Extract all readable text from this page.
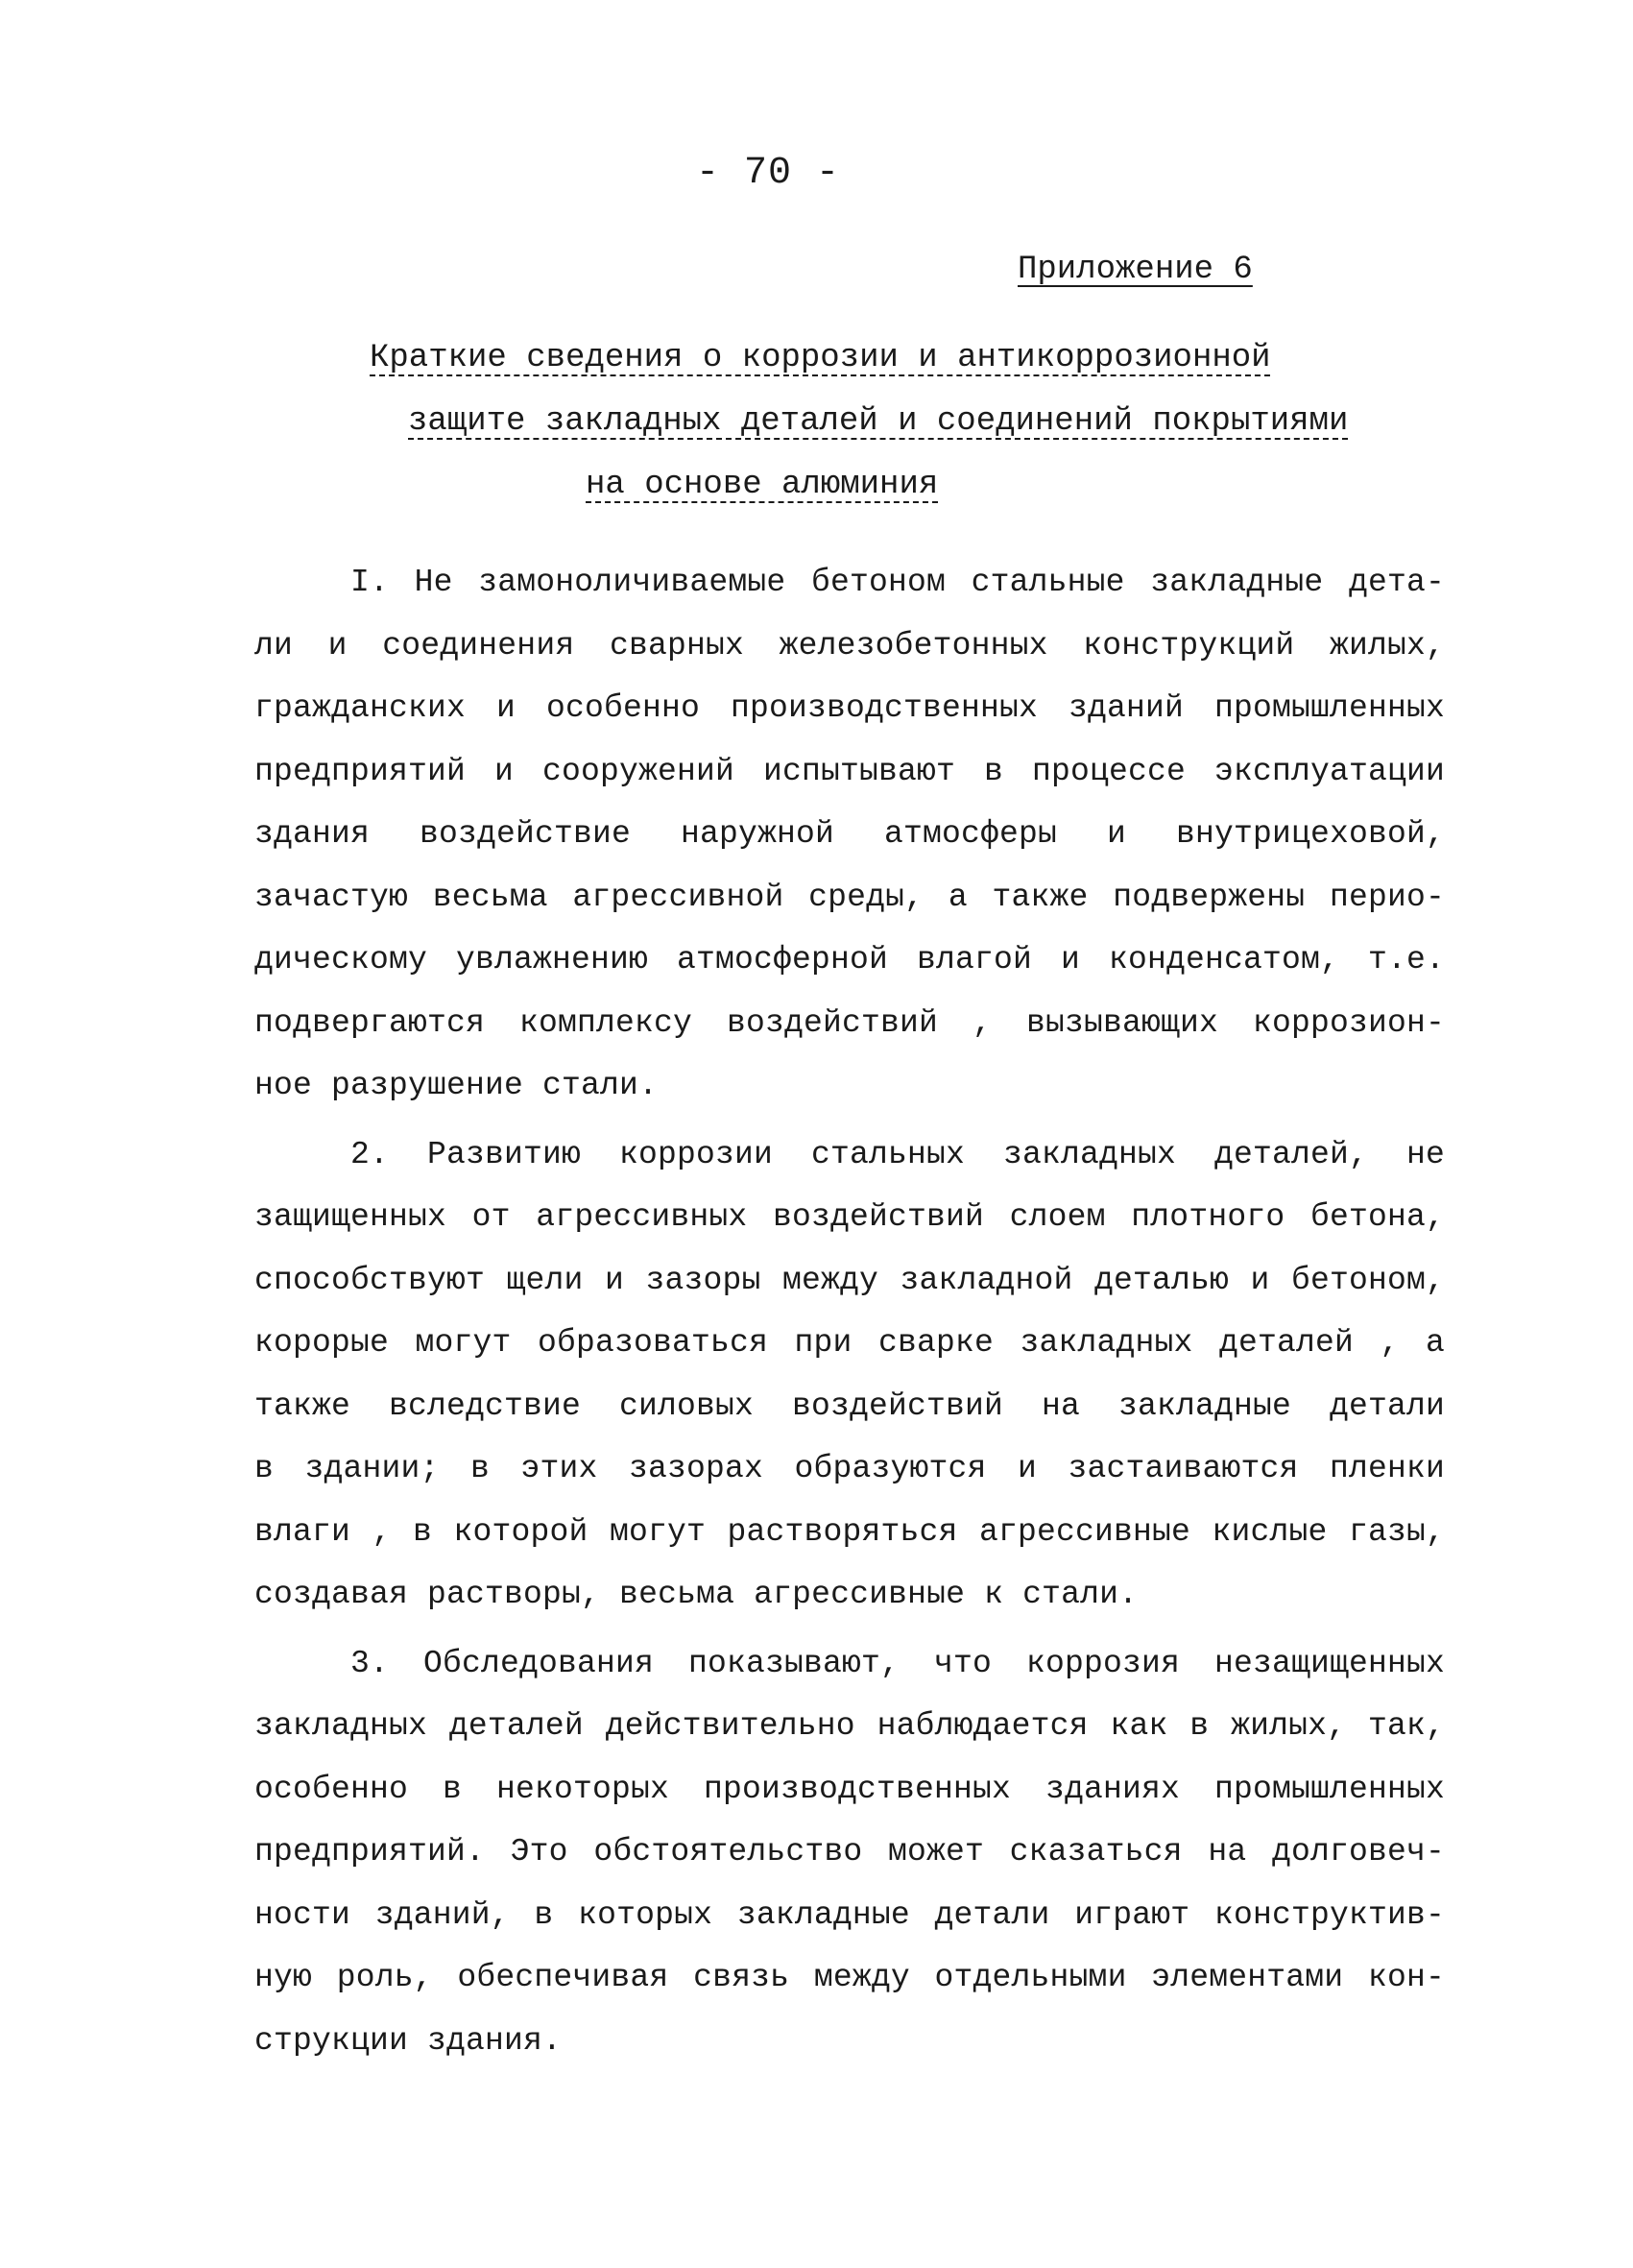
- 70 -
Приложение 6
Краткие сведения о коррозии и антикоррозионной
защите закладных деталей и соединений покрытиями
на основе алюминия
I. Не замоноличиваемые бетоном стальные закладные дета-
ли и соединения сварных железобетонных конструкций жилых,
гражданских и особенно производственных зданий промышленных
предприятий и сооружений испытывают в процессе эксплуатации
здания воздействие наружной атмосферы и внутрицеховой,
зачастую весьма агрессивной среды, а также подвержены перио-
дическому увлажнению атмосферной влагой и конденсатом, т.е.
подвергаются комплексу воздействий , вызывающих коррозион-
ное разрушение стали.
2. Развитию коррозии стальных закладных деталей, не
защищенных от агрессивных воздействий слоем плотного бетона,
способствуют щели и зазоры между закладной деталью и бетоном,
кoрорые могут образоваться при сварке закладных деталей , а
также вследствие силовых воздействий на закладные детали
в здании; в этих зазорах образуются и застаиваются пленки
влаги , в которой могут растворяться агрессивные кислые газы,
создавая растворы, весьма агрессивные к стали.
3. Обследования показывают, что коррозия незащищенных
закладных деталей действительно наблюдается как в жилых, так,
особенно в некоторых производственных зданиях промышленных
предприятий. Это обстоятельство может сказаться на долговеч-
ности зданий, в которых закладные детали играют конструктив-
ную роль, обеспечивая связь между отдельными элементами кон-
струкции здания.
